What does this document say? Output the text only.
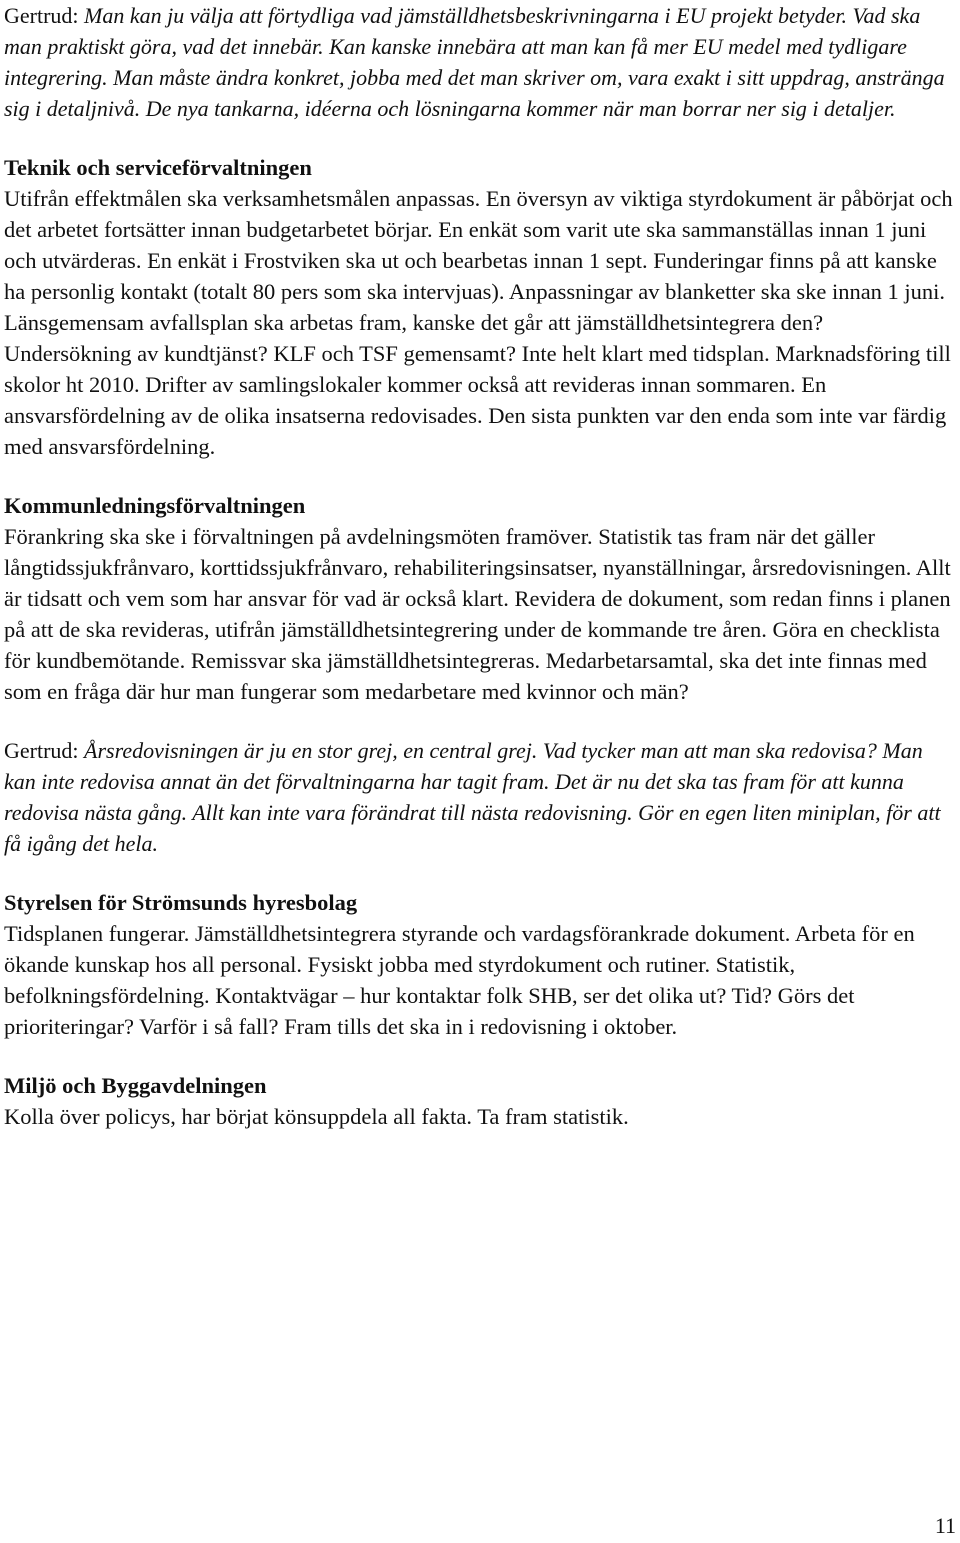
Gertrud: Man kan ju välja att förtydliga vad jämställdhetsbeskrivningarna i EU projekt betyder. Vad ska man praktiskt göra, vad det innebär. Kan kanske innebära att man kan få mer EU medel med tydligare integrering. Man måste ändra konkret, jobba med det man skriver om, vara exakt i sitt uppdrag, anstränga sig i detaljnivå. De nya tankarna, idéerna och lösningarna kommer när man borrar ner sig i detaljer.

Teknik och serviceförvaltningen

Utifrån effektmålen ska verksamhetsmålen anpassas. En översyn av viktiga styrdokument är påbörjat och det arbetet fortsätter innan budgetarbetet börjar. En enkät som varit ute ska sammanställas innan 1 juni och utvärderas. En enkät i Frostviken ska ut och bearbetas innan 1 sept. Funderingar finns på att kanske ha personlig kontakt (totalt 80 pers som ska intervjuas). Anpassningar av blanketter ska ske innan 1 juni. Länsgemensam avfallsplan ska arbetas fram, kanske det går att jämställdhetsintegrera den? Undersökning av kundtjänst? KLF och TSF gemensamt? Inte helt klart med tidsplan. Marknadsföring till skolor ht 2010. Drifter av samlingslokaler kommer också att revideras innan sommaren. En ansvarsfördelning av de olika insatserna redovisades. Den sista punkten var den enda som inte var färdig med ansvarsfördelning.

Kommunledningsförvaltningen

Förankring ska ske i förvaltningen på avdelningsmöten framöver. Statistik tas fram när det gäller långtidssjukfrånvaro, korttidssjukfrånvaro, rehabiliteringsinsatser, nyanställningar, årsredovisningen. Allt är tidsatt och vem som har ansvar för vad är också klart. Revidera de dokument, som redan finns i planen på att de ska revideras, utifrån jämställdhetsintegrering under de kommande tre åren. Göra en checklista för kundbemötande. Remissvar ska jämställdhetsintegreras. Medarbetarsamtal, ska det inte finnas med som en fråga där hur man fungerar som medarbetare med kvinnor och män?

Gertrud: Årsredovisningen är ju en stor grej, en central grej. Vad tycker man att man ska redovisa? Man kan inte redovisa annat än det förvaltningarna har tagit fram. Det är nu det ska tas fram för att kunna redovisa nästa gång. Allt kan inte vara förändrat till nästa redovisning. Gör en egen liten miniplan, för att få igång det hela.

Styrelsen för Strömsunds hyresbolag

Tidsplanen fungerar. Jämställdhetsintegrera styrande och vardagsförankrade dokument. Arbeta för en ökande kunskap hos all personal. Fysiskt jobba med styrdokument och rutiner. Statistik, befolkningsfördelning. Kontaktvägar – hur kontaktar folk SHB, ser det olika ut? Tid? Görs det prioriteringar? Varför i så fall? Fram tills det ska in i redovisning i oktober.

Miljö och Byggavdelningen

Kolla över policys, har börjat könsuppdela all fakta. Ta fram statistik.

11
